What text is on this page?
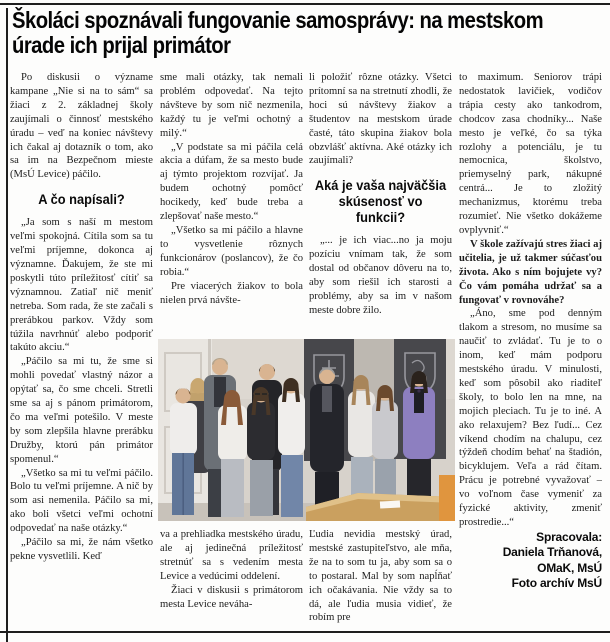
Školáci spoznávali fungovanie samosprávy: na mestskom úrade ich prijal primátor

Po diskusii o význame kampane „Nie si na to sám“ sa žiaci z 2. základnej školy zaujímali o činnosť mestského úradu – veď na koniec návštevy ich čakal aj dotazník o tom, ako sa im na Bezpečnom mieste (MsÚ Levice) páčilo.

A čo napísali?

„Ja som s naší m mestom veľmi spokojná. Cítila som sa tu veľmi príjemne, dokonca aj významne. Ďakujem, že ste mi poskytli túto príležitosť cítiť sa významnou. Zatiaľ nič meniť netreba. Som rada, že ste začali s prerábkou parkov. Vždy som túžila navrhnúť alebo podporiť takúto akciu.“

„Páčilo sa mi tu, že sme si mohli povedať vlastný názor a opýtať sa, čo sme chceli. Stretli sme sa aj s pánom primátorom, čo ma veľmi potešilo. V meste by som zlepšila hlavne prerábku Družby, ktorú pán primátor spomenul.“

„Všetko sa mi tu veľmi páčilo. Bolo tu veľmi príjemne. A nič by som asi nemenila. Páčilo sa mi, ako boli všetci veľmi ochotní odpovedať na naše otázky.“

„Páčilo sa mi, že nám všetko pekne vysvetlili. Keď

sme mali otázky, tak nemali problém odpovedať. Na tejto návšteve by som nič nezmenila, každý tu je veľmi ochotný a milý.“

„V podstate sa mi páčila celá akcia a dúfam, že sa mesto bude aj týmto projektom rozvíjať. Ja budem ochotný pomôcť hocikedy, keď bude treba a zlepšovať naše mesto.“

„Všetko sa mi páčilo a hlavne to vysvetlenie rôznych funkcionárov (poslancov), že čo robia.“

Pre viacerých žiakov to bola nielen prvá návšte-

li položiť rôzne otázky. Všetci prítomní sa na stretnutí zhodli, že hoci sú návštevy žiakov a študentov na mestskom úrade časté, táto skupina žiakov bola obzvlášť aktívna. Aké otázky ich zaujímali?

Aká je vaša najväčšia skúsenosť vo funkcii?

„... je ich viac...no ja moju pozíciu vnímam tak, že som dostal od občanov dôveru na to, aby som riešil ich starosti a problémy, aby sa im v našom meste dobre žilo.

to maximum. Seniorov trápi nedostatok lavičiek, vodičov trápia cesty ako tankodrom, chodcov zasa chodníky... Naše mesto je veľké, čo sa týka rozlohy a potenciálu, je tu nemocnica, školstvo, priemyselný park, nákupné centrá... Je to zložitý mechanizmus, ktorému treba rozumieť. Nie všetko dokážeme ovplyvniť.“

V škole zažívajú stres žiaci aj učitelia, je už takmer súčasťou života. Ako s ním bojujete vy? Čo vám pomáha udržať sa a fungovať v rovnováhe?

„Áno, sme pod denným tlakom a stresom, no musíme sa naučiť to zvládať. Tu je to o inom, keď mám podporu mestského úradu. V minulosti, keď som pôsobil ako riaditeľ školy, to bolo len na mne, na mojich pleciach. Tu je to iné. A ako relaxujem? Bez ľudí... Cez víkend chodím na chalupu, cez týždeň chodím behať na štadión, bicyklujem. Veľa a rád čítam. Prácu je potrebné vyvažovať – vo voľnom čase vymeniť za fyzické aktivity, zmeniť prostredie...“

Spracovala:

Daniela Trňanová,

OMaK, MsÚ

Foto archív MsÚ

va a prehliadka mestského úradu, ale aj jedinečná príležitosť stretnúť sa s vedením mesta Levice a vedúcimi oddelení.

Žiaci v diskusii s primátorom mesta Levice neváha-

Ľudia nevidia mestský úrad, mestské zastupiteľstvo, ale mňa, že na to som tu ja, aby som sa o to postaral. Mal by som napĺňať ich očakávania. Nie vždy sa to dá, ale ľudia musia vidieť, že robím pre
